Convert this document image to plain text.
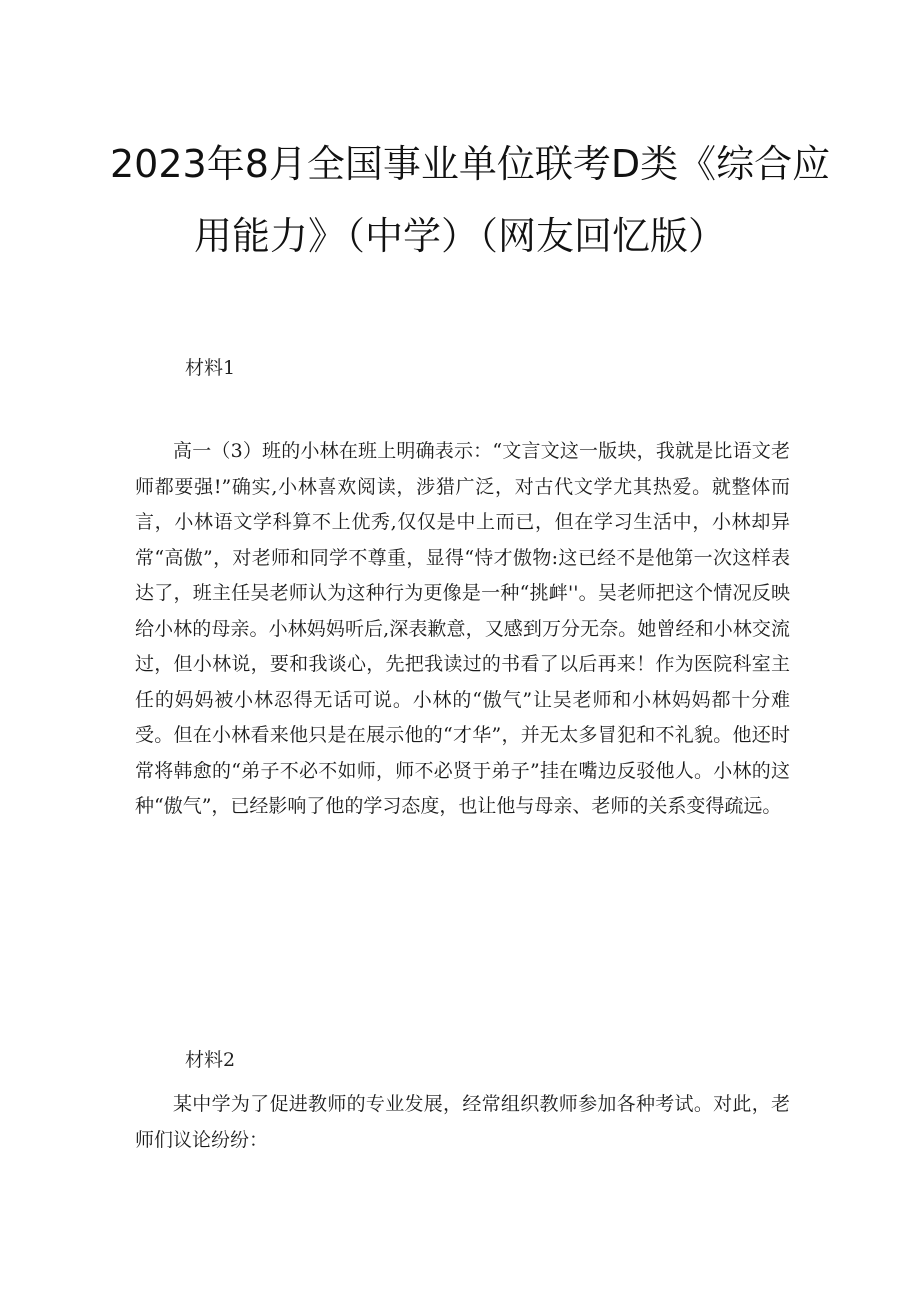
2023年8月全国事业单位联考D类《综合应
用能力》（中学）（网友回忆版）
材料1
高一（3）班的小林在班上明确表示：“文言文这一版块，我就是比语文老师都要强!”确实,小林喜欢阅读，涉猎广泛，对古代文学尤其热爱。就整体而言，小林语文学科算不上优秀,仅仅是中上而已，但在学习生活中，小林却异常“高傲”，对老师和同学不尊重，显得“恃才傲物:这已经不是他第一次这样表达了，班主任吴老师认为这种行为更像是一种“挑衅''。吴老师把这个情况反映给小林的母亲。小林妈妈听后,深表歉意，又感到万分无奈。她曾经和小林交流过，但小林说，要和我谈心，先把我读过的书看了以后再来！作为医院科室主任的妈妈被小林忍得无话可说。小林的“傲气”让吴老师和小林妈妈都十分难受。但在小林看来他只是在展示他的“才华”，并无太多冒犯和不礼貌。他还时常将韩愈的“弟子不必不如师，师不必贤于弟子”挂在嘴边反驳他人。小林的这种“傲气”，已经影响了他的学习态度，也让他与母亲、老师的关系变得疏远。
材料2
某中学为了促进教师的专业发展，经常组织教师参加各种考试。对此，老师们议论纷纷：
